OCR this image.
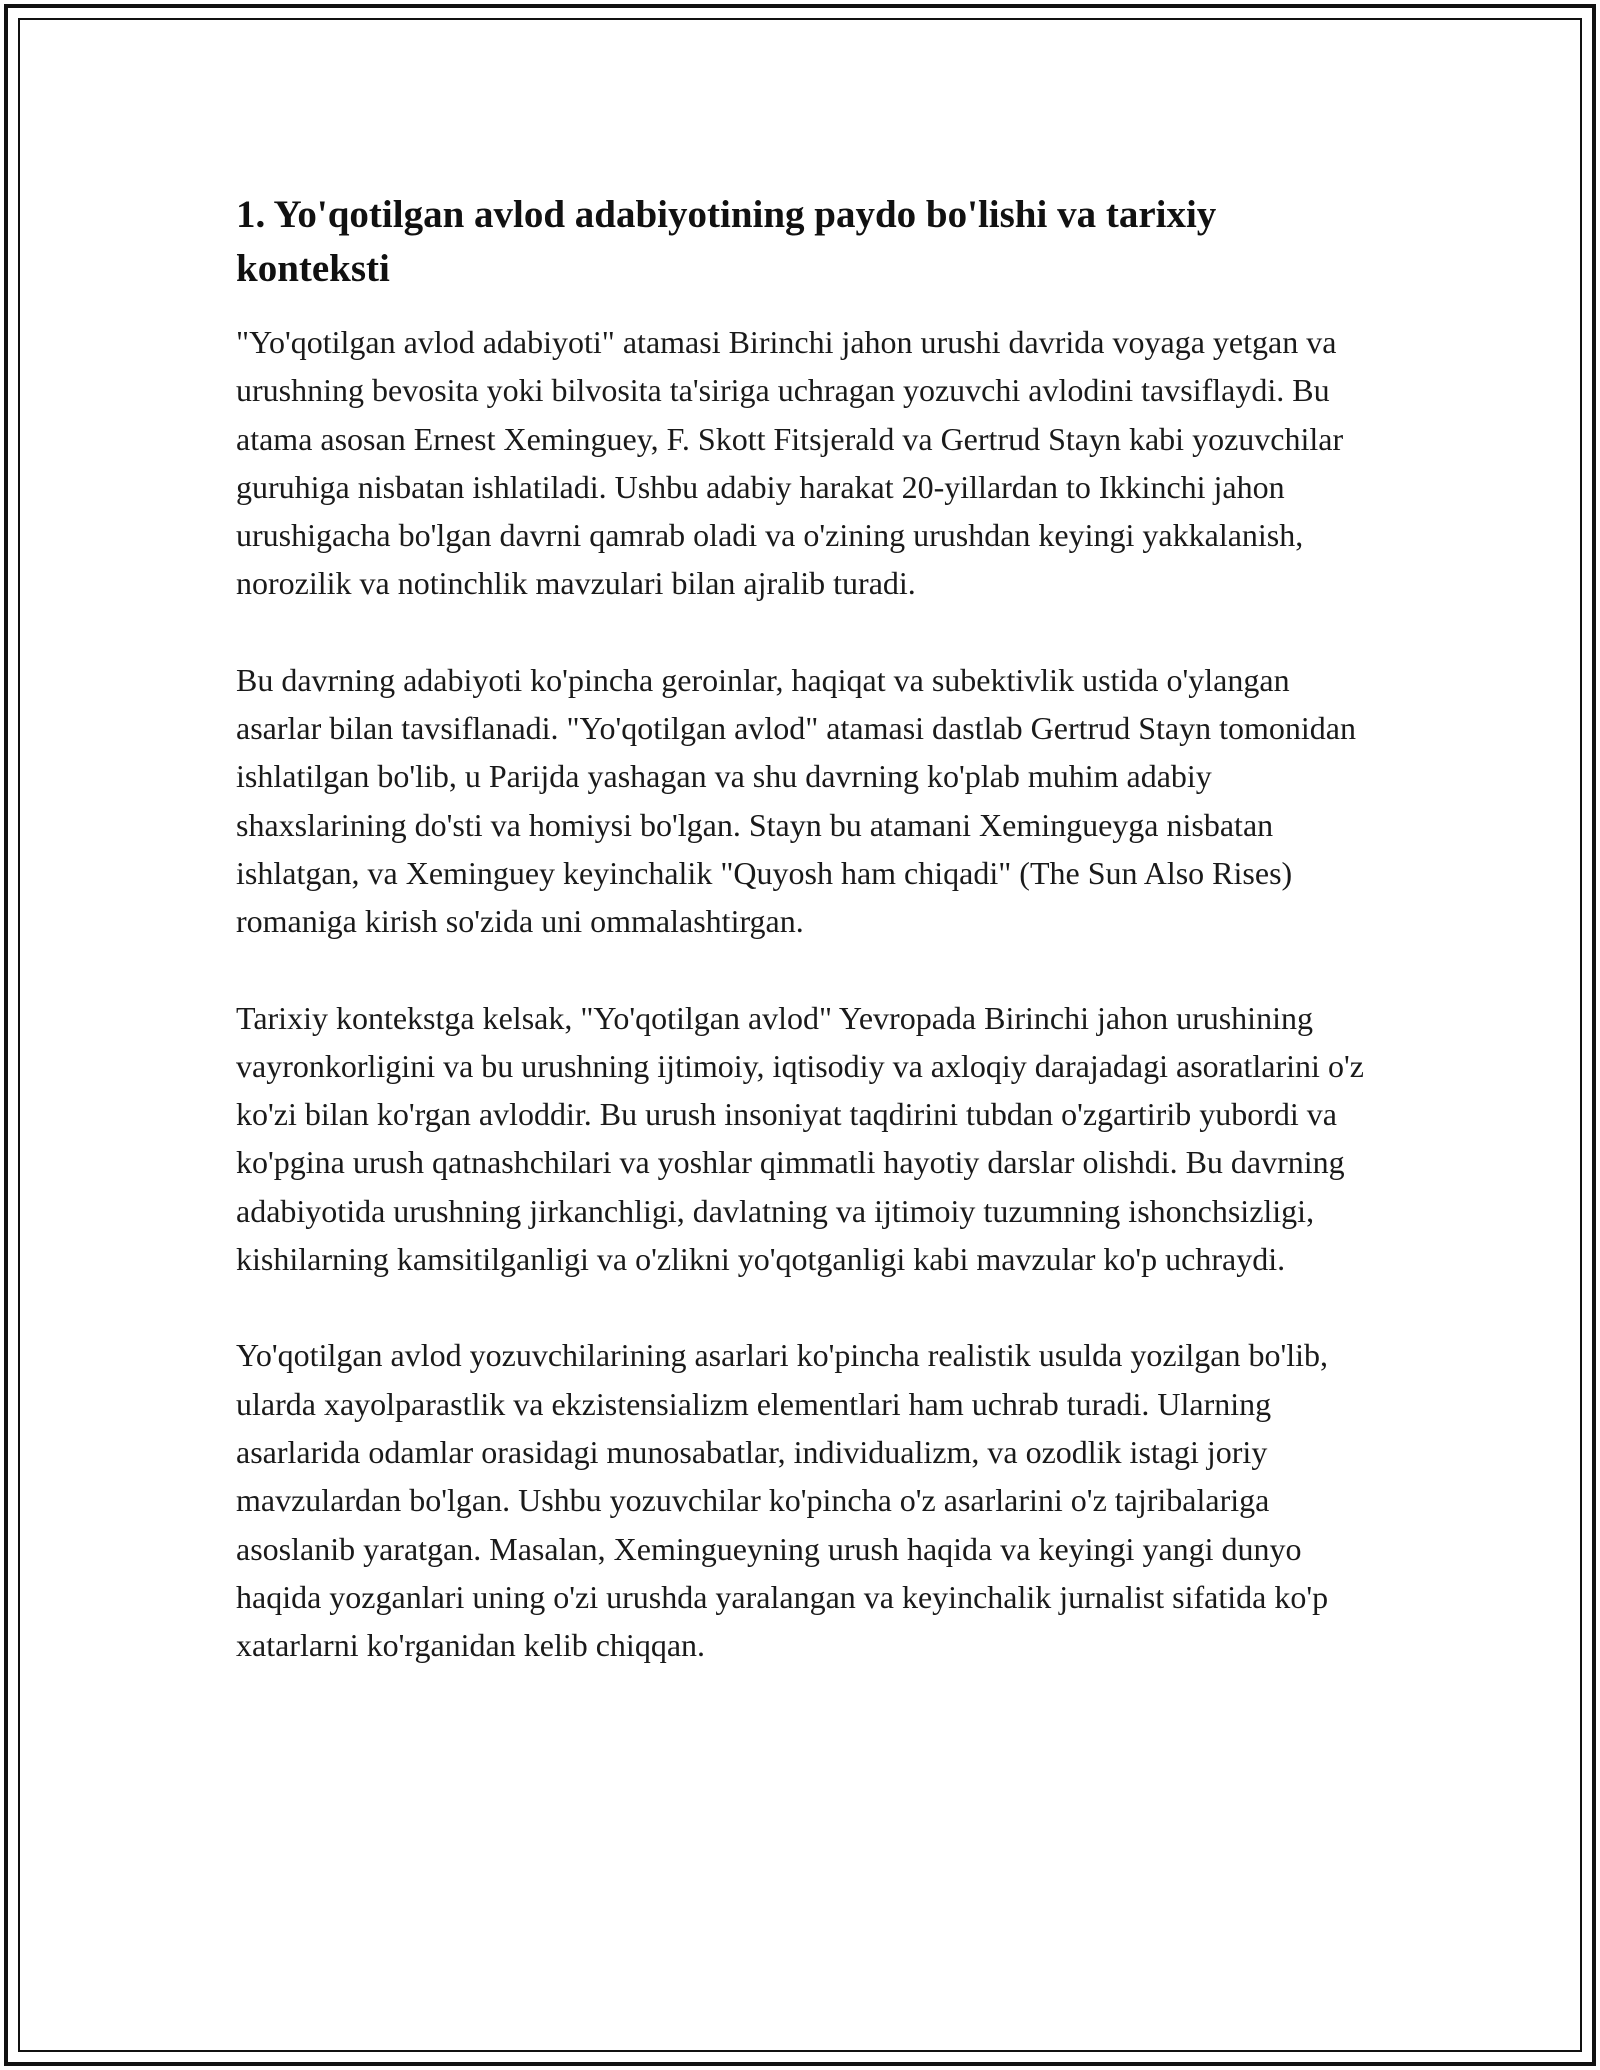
1. Yo'qotilgan avlod adabiyotining paydo bo'lishi va tarixiy konteksti

"Yo'qotilgan avlod adabiyoti" atamasi Birinchi jahon urushi davrida voyaga yetgan va urushning bevosita yoki bilvosita ta'siriga uchragan yozuvchi avlodini tavsiflaydi. Bu atama asosan Ernest Xeminguey, F. Skott Fitsjerald va Gertrud Stayn kabi yozuvchilar guruhiga nisbatan ishlatiladi. Ushbu adabiy harakat 20-yillardan to Ikkinchi jahon urushigacha bo'lgan davrni qamrab oladi va o'zining urushdan keyingi yakkalanish, norozilik va notinchlik mavzulari bilan ajralib turadi.

Bu davrning adabiyoti ko'pincha geroinlar, haqiqat va subektivlik ustida o'ylangan asarlar bilan tavsiflanadi. "Yo'qotilgan avlod" atamasi dastlab Gertrud Stayn tomonidan ishlatilgan bo'lib, u Parijda yashagan va shu davrning ko'plab muhim adabiy shaxslarining do'sti va homiysi bo'lgan. Stayn bu atamani Xeminguеyga nisbatan ishlatgan, va Xeminguey keyinchalik "Quyosh ham chiqadi" (The Sun Also Rises) romaniga kirish so'zida uni ommalashtirgan.

Tarixiy kontekstga kelsak, "Yo'qotilgan avlod" Yevropada Birinchi jahon urushining vayronkorligini va bu urushning ijtimoiy, iqtisodiy va axloqiy darajadagi asoratlarini o'z ko'zi bilan ko'rgan avloddir. Bu urush insoniyat taqdirini tubdan o'zgartirib yubordi va ko'pgina urush qatnashchilari va yoshlar qimmatli hayotiy darslar olishdi. Bu davrning adabiyotida urushning jirkanchligi, davlatning va ijtimoiy tuzumning ishonchsizligi, kishilarning kamsitilganligi va o'zlikni yo'qotganligi kabi mavzular ko'p uchraydi.

Yo'qotilgan avlod yozuvchilarining asarlari ko'pincha realistik usulda yozilgan bo'lib, ularda xayolparastlik va ekzistensializm elementlari ham uchrab turadi. Ularning asarlarida odamlar orasidagi munosabatlar, individualizm, va ozodlik istagi joriy mavzulardan bo'lgan. Ushbu yozuvchilar ko'pincha o'z asarlarini o'z tajribalariga asoslanib yaratgan. Masalan, Xemingueyning urush haqida va keyingi yangi dunyo haqida yozganlari uning o'zi urushda yaralangan va keyinchalik jurnalist sifatida ko'p xatarlarni ko'rganidan kelib chiqqan.
